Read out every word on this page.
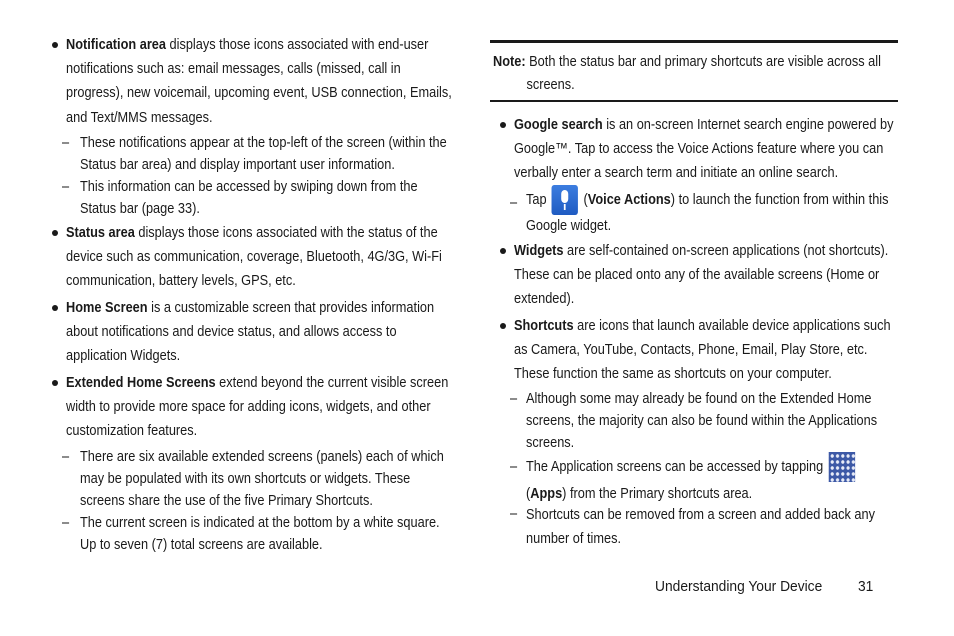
Notification area displays those icons associated with end-user notifications such as: email messages, calls (missed, call in progress), new voicemail, upcoming event, USB connection, Emails, and Text/MMS messages.
– These notifications appear at the top-left of the screen (within the Status bar area) and display important user information.
– This information can be accessed by swiping down from the Status bar (page 33).
Status area displays those icons associated with the status of the device such as communication, coverage, Bluetooth, 4G/3G, Wi-Fi communication, battery levels, GPS, etc.
Home Screen is a customizable screen that provides information about notifications and device status, and allows access to application Widgets.
Extended Home Screens extend beyond the current visible screen width to provide more space for adding icons, widgets, and other customization features.
– There are six available extended screens (panels) each of which may be populated with its own shortcuts or widgets. These screens share the use of the five Primary Shortcuts.
– The current screen is indicated at the bottom by a white square. Up to seven (7) total screens are available.
Note: Both the status bar and primary shortcuts are visible across all screens.
Google search is an on-screen Internet search engine powered by Google™. Tap to access the Voice Actions feature where you can verbally enter a search term and initiate an online search.
– Tap	(Voice Actions) to launch the function from within this Google widget.
Widgets are self-contained on-screen applications (not shortcuts). These can be placed onto any of the available screens (Home or extended).
Shortcuts are icons that launch available device applications such as Camera, YouTube, Contacts, Phone, Email, Play Store, etc. These function the same as shortcuts on your computer.
– Although some may already be found on the Extended Home screens, the majority can also be found within the Applications screens.
– The Application screens can be accessed by tapping
(Apps) from the Primary shortcuts area.
– Shortcuts can be removed from a screen and added back any number of times.
Understanding Your Device 31
